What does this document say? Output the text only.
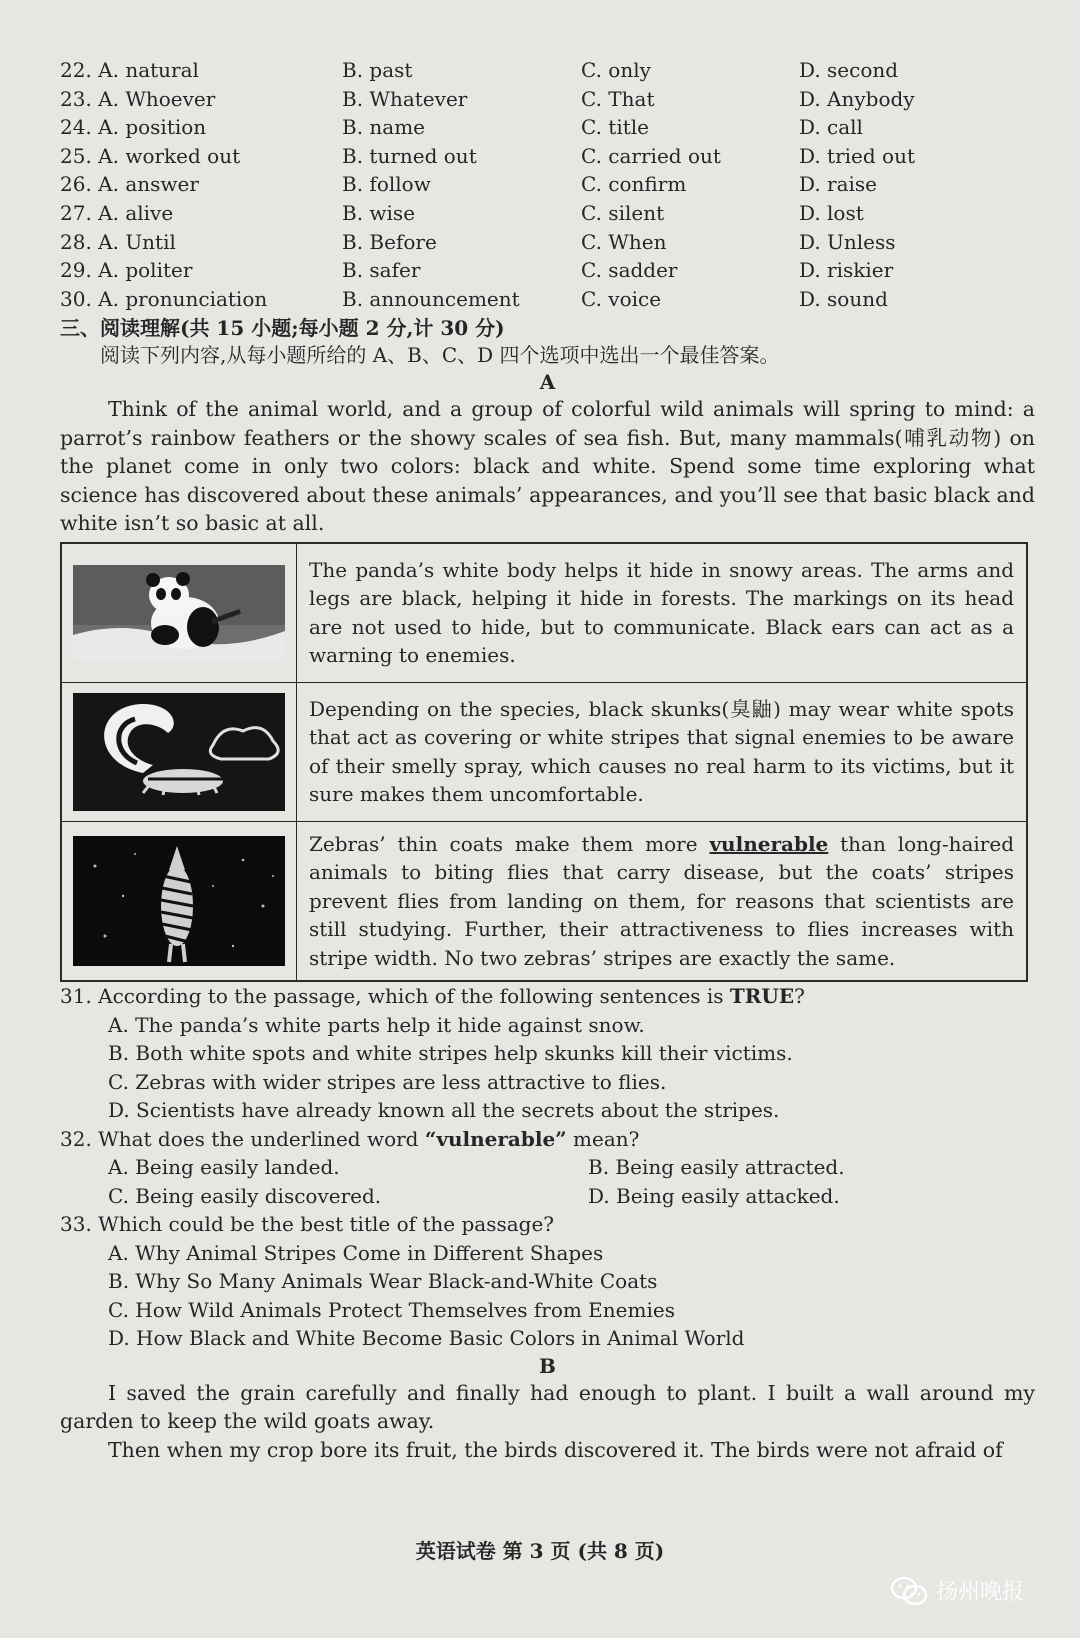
22. A. natural	B. past	C. only	D. second
23. A. Whoever	B. Whatever	C. That	D. Anybody
24. A. position	B. name	C. title	D. call
25. A. worked out	B. turned out	C. carried out	D. tried out
26. A. answer	B. follow	C. confirm	D. raise
27. A. alive	B. wise	C. silent	D. lost
28. A. Until	B. Before	C. When	D. Unless
29. A. politer	B. safer	C. sadder	D. riskier
30. A. pronunciation	B. announcement	C. voice	D. sound
三、阅读理解(共 15 小题;每小题 2 分,计 30 分)
阅读下列内容,从每小题所给的 A、B、C、D 四个选项中选出一个最佳答案。
A

Think of the animal world, and a group of colorful wild animals will spring to mind: a parrot’s rainbow feathers or the showy scales of sea fish. But, many mammals(哺乳动物) on the planet come in only two colors: black and white. Spend some time exploring what science has discovered about these animals’ appearances, and you’ll see that basic black and white isn’t so basic at all.

	The panda’s white body helps it hide in snowy areas. The arms and legs are black, helping it hide in forests. The markings on its head are not used to hide, but to communicate. Black ears can act as a warning to enemies.

	Depending on the species, black skunks(臭鼬) may wear white spots that act as covering or white stripes that signal enemies to be aware of their smelly spray, which causes no real harm to its victims, but it sure makes them uncomfortable.

	Zebras’ thin coats make them more vulnerable than long-haired animals to biting flies that carry disease, but the coats’ stripes prevent flies from landing on them, for reasons that scientists are still studying. Further, their attractiveness to flies increases with stripe width. No two zebras’ stripes are exactly the same.
31. According to the passage, which of the following sentences is TRUE?
A. The panda’s white parts help it hide against snow.
B. Both white spots and white stripes help skunks kill their victims.
C. Zebras with wider stripes are less attractive to flies.
D. Scientists have already known all the secrets about the stripes.
32. What does the underlined word “vulnerable” mean?
A. Being easily landed.	B. Being easily attracted.
C. Being easily discovered.	D. Being easily attacked.
33. Which could be the best title of the passage?
A. Why Animal Stripes Come in Different Shapes
B. Why So Many Animals Wear Black-and-White Coats
C. How Wild Animals Protect Themselves from Enemies
D. How Black and White Become Basic Colors in Animal World
B

I saved the grain carefully and finally had enough to plant. I built a wall around my garden to keep the wild goats away.

Then when my crop bore its fruit, the birds discovered it. The birds were not afraid of

英语试卷 第 3 页 (共 8 页)
扬州晚报
